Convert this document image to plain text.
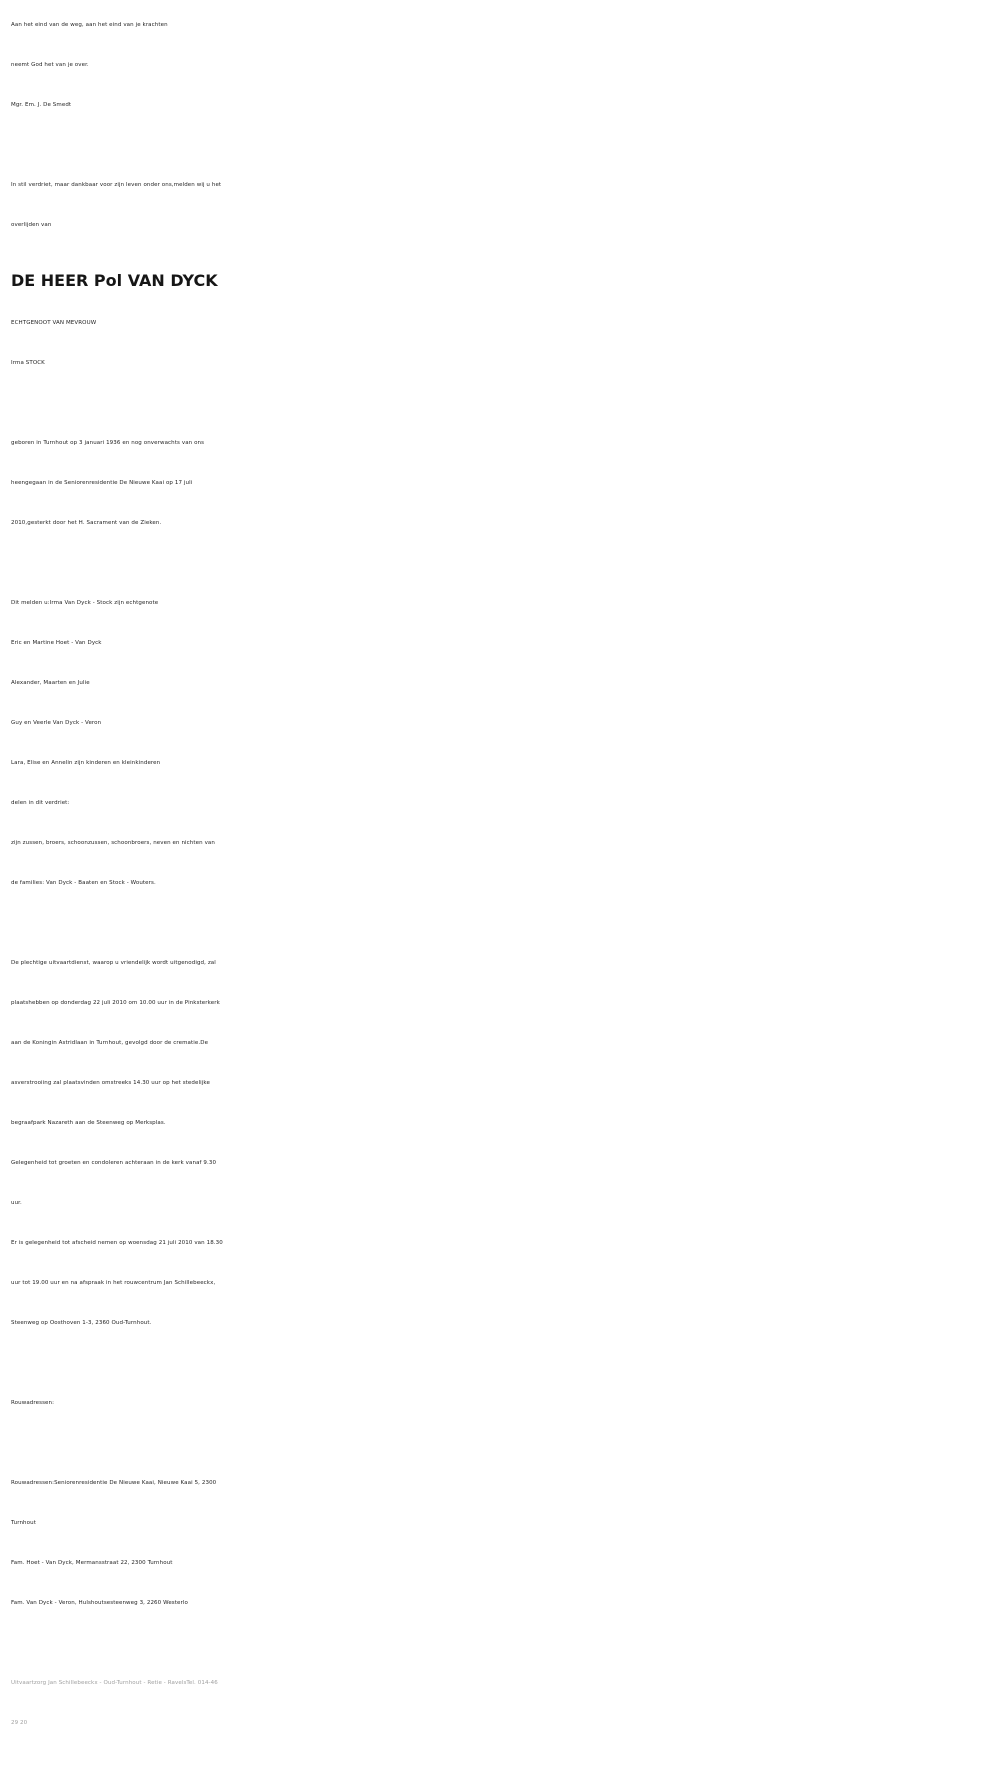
Aan het eind van de weg, aan het eind van je krachten
neemt God het van je over.
Mgr. Em. J. De Smedt
In stil verdriet, maar dankbaar voor zijn leven onder ons,melden wij u het
overlijden van
DE HEER Pol VAN DYCK
ECHTGENOOT VAN MEVROUW
Irma STOCK
geboren in Turnhout op 3 januari 1936 en nog onverwachts van ons
heengegaan in de Seniorenresidentie De Nieuwe Kaai op 17 juli
2010,gesterkt door het H. Sacrament van de Zieken.
Dit melden u:Irma Van Dyck - Stock zijn echtgenote
Eric en Martine Hoet - Van Dyck
Alexander, Maarten en Julie
Guy en Veerle Van Dyck - Veron
Lara, Elise en Annelin zijn kinderen en kleinkinderen
delen in dit verdriet:
zijn zussen, broers, schoonzussen, schoonbroers, neven en nichten van
de families: Van Dyck - Baaten en Stock - Wouters.
De plechtige uitvaartdienst, waarop u vriendelijk wordt uitgenodigd, zal
plaatshebben op donderdag 22 juli 2010 om 10.00 uur in de Pinksterkerk
aan de Koningin Astridlaan in Turnhout, gevolgd door de crematie.De
asverstrooiing zal plaatsvinden omstreeks 14.30 uur op het stedelijke
begraafpark Nazareth aan de Steenweg op Merksplas.
Gelegenheid tot groeten en condoleren achteraan in de kerk vanaf 9.30
uur.
Er is gelegenheid tot afscheid nemen op woensdag 21 juli 2010 van 18.30
uur tot 19.00 uur en na afspraak in het rouwcentrum Jan Schillebeeckx,
Steenweg op Oosthoven 1-3, 2360 Oud-Turnhout.
Rouwadressen:
Rouwadressen:Seniorenresidentie De Nieuwe Kaai, Nieuwe Kaai 5, 2300
Turnhout
Fam. Hoet - Van Dyck, Mermansstraat 22, 2300 Turnhout
Fam. Van Dyck - Veron, Hulshoutsesteenweg 3, 2260 Westerlo
Uitvaartzorg Jan Schillebeeckx - Oud-Turnhout - Retie - RavelsTel. 014-46
29 20
